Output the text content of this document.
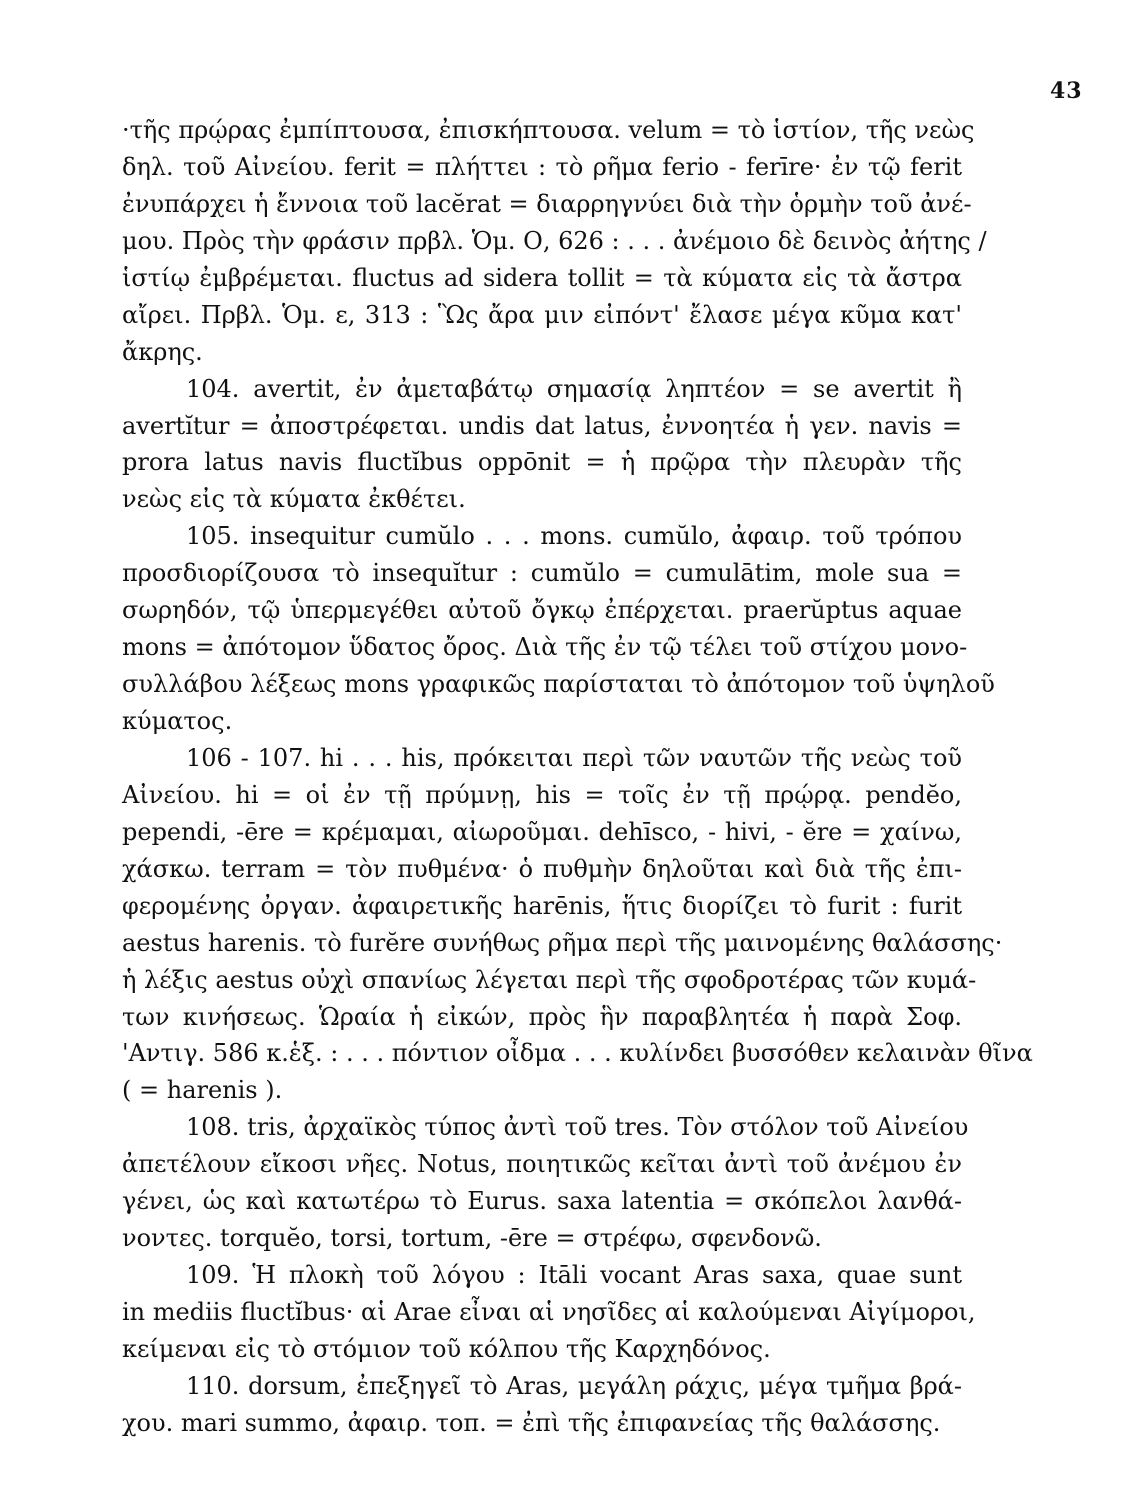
43
·τῆς πρῴρας ἐμπίπτουσα, ἐπισκήπτουσα. velum = τὸ ἱστίον, τῆς νεὼς
δηλ. τοῦ Αἰνείου. ferit = πλήττει : τὸ ρῆμα ferio - ferīre· ἐν τῷ ferit
ἐνυπάρχει ἡ ἔννοια τοῦ lacĕrat = διαρρηγνύει διὰ τὴν ὁρμὴν τοῦ ἀνέ-
μου. Πρὸς τὴν φράσιν πρβλ. Ὁμ. Ο, 626 : . . . ἀνέμοιο δὲ δεινὸς ἀήτης /
ἱστίῳ ἐμβρέμεται. fluctus ad sidera tollit = τὰ κύματα εἰς τὰ ἄστρα
αἴρει. Πρβλ. Ὁμ. ε, 313 : Ὣς ἄρα μιν εἰπόντ' ἔλασε μέγα κῦμα κατ'
ἄκρης.
104. avertit, ἐν ἀμεταβάτῳ σημασίᾳ ληπτέον = se avertit ἢ
avertĭtur = ἀποστρέφεται. undis dat latus, ἐννοητέα ἡ γεν. navis =
prora latus navis fluctĭbus oppōnit = ἡ πρῷρα τὴν πλευρὰν τῆς
νεὼς εἰς τὰ κύματα ἐκθέτει.
105. insequitur cumŭlo . . . mons. cumŭlo, ἀφαιρ. τοῦ τρόπου
προσδιορίζουσα τὸ insequĭtur : cumŭlo = cumulātim, mole sua =
σωρηδόν, τῷ ὑπερμεγέθει αὐτοῦ ὄγκῳ ἐπέρχεται. praerŭptus aquae
mons = ἀπότομον ὕδατος ὄρος. Διὰ τῆς ἐν τῷ τέλει τοῦ στίχου μονο-
συλλάβου λέξεως mons γραφικῶς παρίσταται τὸ ἀπότομον τοῦ ὑψηλοῦ
κύματος.
106 - 107. hi . . . his, πρόκειται περὶ τῶν ναυτῶν τῆς νεὼς τοῦ
Αἰνείου. hi = οἱ ἐν τῇ πρύμνῃ, his = τοῖς ἐν τῇ πρῴρᾳ. pendĕo,
pependi, -ēre = κρέμαμαι, αἰωροῦμαι. dehīsco, - hivi, - ĕre = χαίνω,
χάσκω. terram = τὸν πυθμένα· ὁ πυθμὴν δηλοῦται καὶ διὰ τῆς ἐπι-
φερομένης ὀργαν. ἀφαιρετικῆς harēnis, ἥτις διορίζει τὸ furit : furit
aestus harenis. τὸ furĕre συνήθως ρῆμα περὶ τῆς μαινομένης θαλάσσης·
ἡ λέξις aestus οὐχὶ σπανίως λέγεται περὶ τῆς σφοδροτέρας τῶν κυμά-
των κινήσεως. Ὡραία ἡ εἰκών, πρὸς ἣν παραβλητέα ἡ παρὰ Σοφ.
'Αντιγ. 586 κ.ἑξ. : . . . πόντιον οἶδμα . . . κυλίνδει βυσσόθεν κελαινὰν θῖνα
( = harenis ).
108. tris, ἀρχαϊκὸς τύπος ἀντὶ τοῦ tres. Τὸν στόλον τοῦ Αἰνείου
ἀπετέλουν εἴκοσι νῆες. Notus, ποιητικῶς κεῖται ἀντὶ τοῦ ἀνέμου ἐν
γένει, ὡς καὶ κατωτέρω τὸ Eurus. saxa latentia = σκόπελοι λανθά-
νοντες. torquĕo, torsi, tortum, -ēre = στρέφω, σφενδονῶ.
109. Ἡ πλοκὴ τοῦ λόγου : Itāli vocant Aras saxa, quae sunt
in mediis fluctĭbus· αἱ Arae εἶναι αἱ νησῖδες αἱ καλούμεναι Αἰγίμοροι,
κείμεναι εἰς τὸ στόμιον τοῦ κόλπου τῆς Καρχηδόνος.
110. dorsum, ἐπεξηγεῖ τὸ Aras, μεγάλη ράχις, μέγα τμῆμα βρά-
χου. mari summo, ἀφαιρ. τοπ. = ἐπὶ τῆς ἐπιφανείας τῆς θαλάσσης.
